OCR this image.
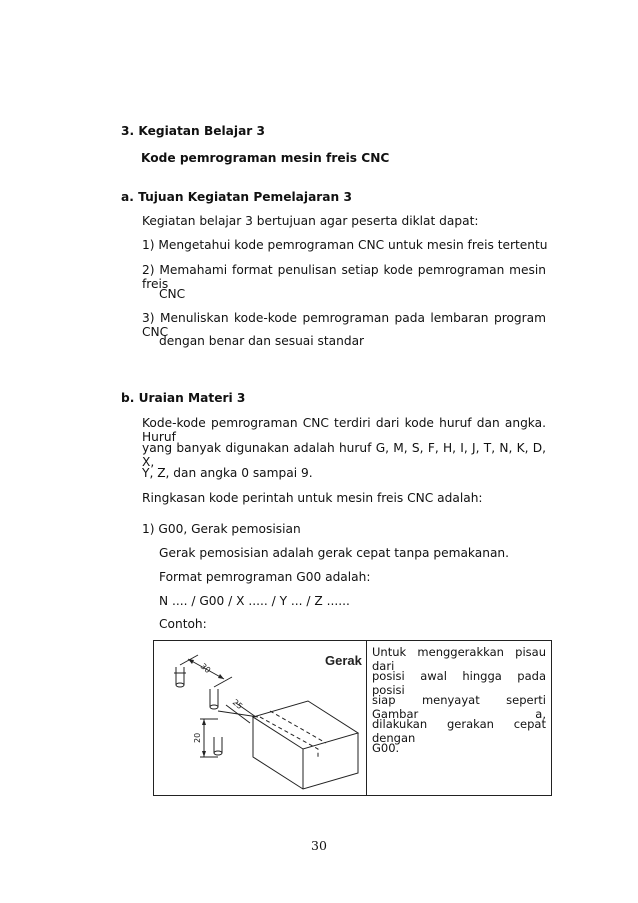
3. Kegiatan Belajar 3
Kode pemrograman mesin freis CNC
a. Tujuan Kegiatan Pemelajaran 3
Kegiatan belajar 3 bertujuan agar peserta diklat dapat:
1) Mengetahui kode pemrograman CNC untuk mesin freis tertentu
2) Memahami format penulisan setiap kode pemrograman mesin freis
CNC
3) Menuliskan kode-kode pemrograman pada lembaran program CNC
dengan benar dan sesuai standar
b. Uraian Materi 3
Kode-kode pemrograman CNC terdiri dari kode huruf dan angka. Huruf
yang banyak digunakan adalah huruf G, M, S, F, H, I, J, T, N, K, D, X,
Y, Z, dan angka 0 sampai 9.
Ringkasan kode perintah untuk mesin freis CNC adalah:
1) G00, Gerak pemosisian
Gerak pemosisian adalah gerak cepat tanpa pemakanan.
Format pemrograman G00 adalah:
N .... / G00 / X ..... / Y ... / Z ......
Contoh:
30
25
20
Gerak
Untuk menggerakkan pisau dari
posisi awal hingga pada posisi
siap menyayat seperti Gambar a,
dilakukan gerakan cepat dengan
G00.
30
